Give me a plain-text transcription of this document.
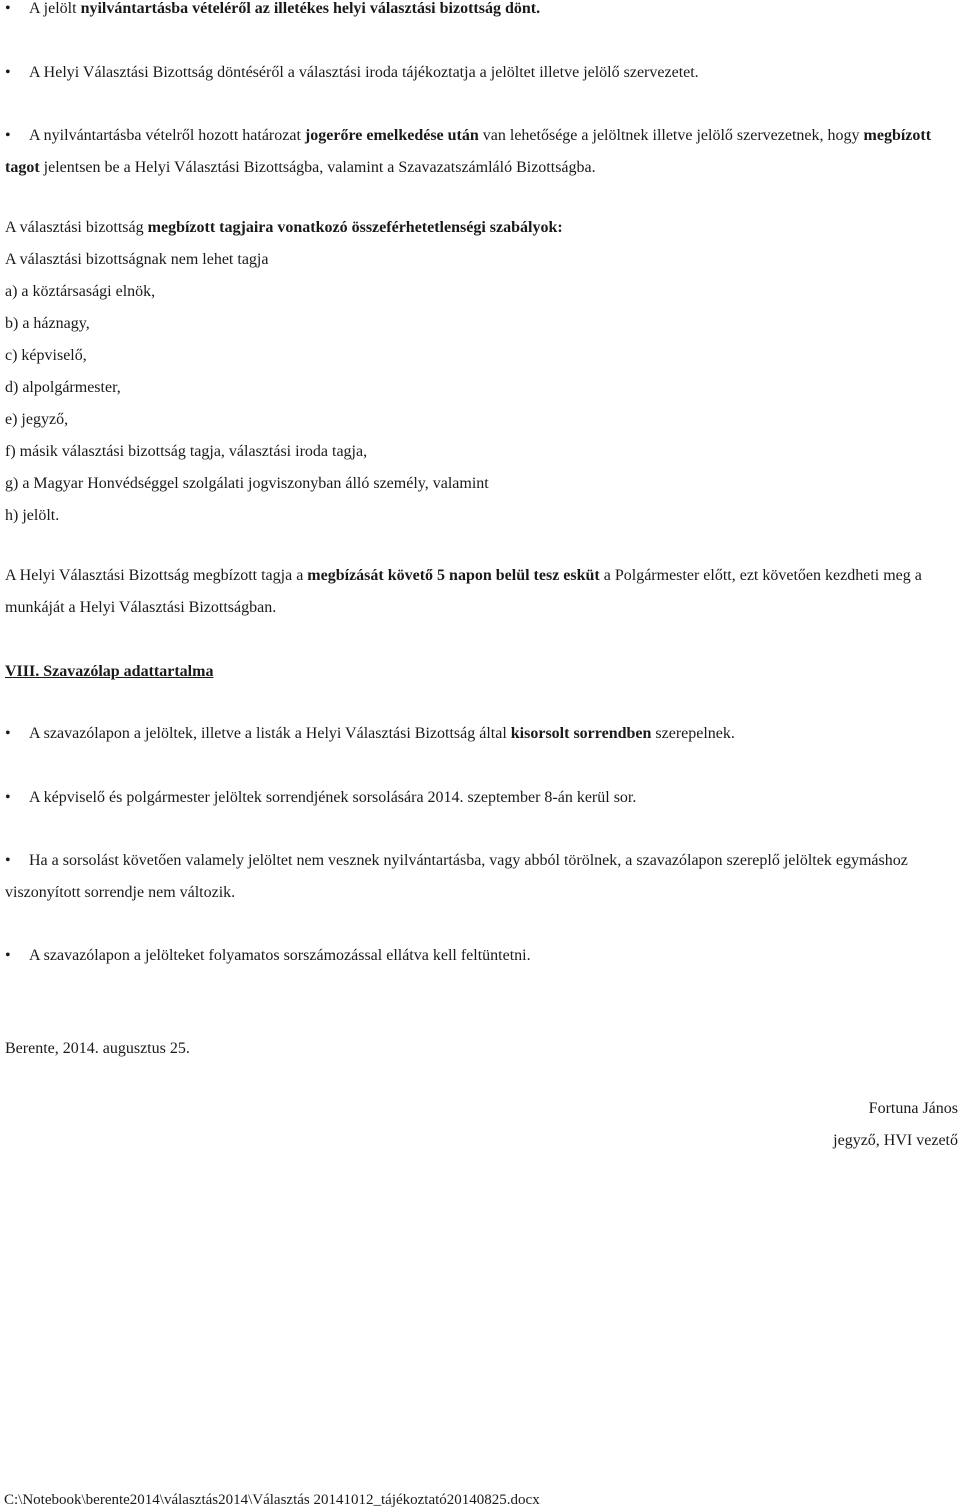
•	A jelölt nyilvántartásba vételéről az illetékes helyi választási bizottság dönt.

•	A Helyi Választási Bizottság döntéséről a választási iroda tájékoztatja a jelöltet illetve jelölő szervezetet.

•	A nyilvántartásba vételről hozott határozat jogerőre emelkedése után van lehetősége a jelöltnek illetve jelölő szervezetnek, hogy megbízott tagot jelentsen be a Helyi Választási Bizottságba, valamint a Szavazatszámláló Bizottságba.

A választási bizottság megbízott tagjaira vonatkozó összeférhetetlenségi szabályok:
A választási bizottságnak nem lehet tagja
a) a köztársasági elnök,
b) a háznagy,
c) képviselő,
d) alpolgármester,
e) jegyző,
f) másik választási bizottság tagja, választási iroda tagja,
g) a Magyar Honvédséggel szolgálati jogviszonyban álló személy, valamint
h) jelölt.

A Helyi Választási Bizottság megbízott tagja a megbízását követő 5 napon belül tesz esküt a Polgármester előtt, ezt követően kezdheti meg a munkáját a Helyi Választási Bizottságban.

VIII. Szavazólap adattartalma

•	A szavazólapon a jelöltek, illetve a listák a Helyi Választási Bizottság által kisorsolt sorrendben szerepelnek.

•	A képviselő és polgármester jelöltek sorrendjének sorsolására 2014. szeptember 8-án kerül sor.

•	Ha a sorsolást követően valamely jelöltet nem vesznek nyilvántartásba, vagy abból törölnek, a szavazólapon szereplő jelöltek egymáshoz viszonyított sorrendje nem változik.

•	A szavazólapon a jelölteket folyamatos sorszámozással ellátva kell feltüntetni.

Berente, 2014. augusztus 25.

Fortuna János
jegyző, HVI vezető
C:\Notebook\berente2014\választás2014\Választás 20141012_tájékoztató20140825.docx
